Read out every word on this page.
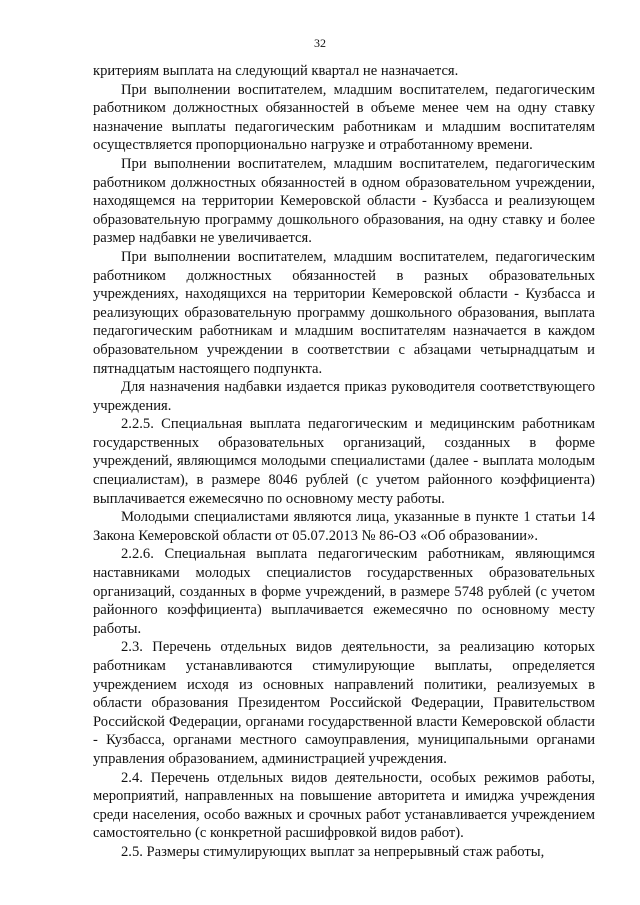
32

критериям выплата на следующий квартал не назначается.

При выполнении воспитателем, младшим воспитателем, педагогическим работником должностных обязанностей в объеме менее чем на одну ставку назначение выплаты педагогическим работникам и младшим воспитателям осуществляется пропорционально нагрузке и отработанному времени.

При выполнении воспитателем, младшим воспитателем, педагогическим работником должностных обязанностей в одном образовательном учреждении, находящемся на территории Кемеровской области - Кузбасса и реализующем образовательную программу дошкольного образования, на одну ставку и более размер надбавки не увеличивается.

При выполнении воспитателем, младшим воспитателем, педагогическим работником должностных обязанностей в разных образовательных учреждениях, находящихся на территории Кемеровской области - Кузбасса и реализующих образовательную программу дошкольного образования, выплата педагогическим работникам и младшим воспитателям назначается в каждом образовательном учреждении в соответствии с абзацами четырнадцатым и пятнадцатым настоящего подпункта.

Для назначения надбавки издается приказ руководителя соответствующего учреждения.

2.2.5. Специальная выплата педагогическим и медицинским работникам государственных образовательных организаций, созданных в форме учреждений, являющимся молодыми специалистами (далее - выплата молодым специалистам), в размере 8046 рублей (с учетом районного коэффициента) выплачивается ежемесячно по основному месту работы.

Молодыми специалистами являются лица, указанные в пункте 1 статьи 14 Закона Кемеровской области от 05.07.2013 № 86-ОЗ «Об образовании».

2.2.6. Специальная выплата педагогическим работникам, являющимся наставниками молодых специалистов государственных образовательных организаций, созданных в форме учреждений, в размере 5748 рублей (с учетом районного коэффициента) выплачивается ежемесячно по основному месту работы.

2.3. Перечень отдельных видов деятельности, за реализацию которых работникам устанавливаются стимулирующие выплаты, определяется учреждением исходя из основных направлений политики, реализуемых в области образования Президентом Российской Федерации, Правительством Российской Федерации, органами государственной власти Кемеровской области - Кузбасса, органами местного самоуправления, муниципальными органами управления образованием, администрацией учреждения.

2.4. Перечень отдельных видов деятельности, особых режимов работы, мероприятий, направленных на повышение авторитета и имиджа учреждения среди населения, особо важных и срочных работ устанавливается учреждением самостоятельно (с конкретной расшифровкой видов работ).

2.5. Размеры стимулирующих выплат за непрерывный стаж работы,
